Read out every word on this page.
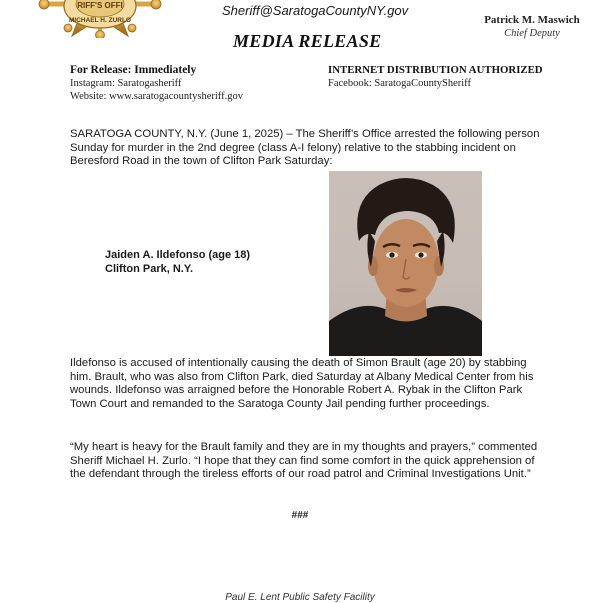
RIFF'S OFFI
MICHAEL H. ZURLO
Sheriff@SaratogaCountyNY.gov
MEDIA RELEASE
Patrick M. Maswich
Chief Deputy
For Release: Immediately
Instagram: Saratogasheriff
Website: www.saratogacountysheriff.gov
INTERNET DISTRIBUTION AUTHORIZED
Facebook: SaratogaCountySheriff
SARATOGA COUNTY, N.Y. (June 1, 2025) – The Sheriff’s Office arrested the following person Sunday for murder in the 2nd degree (class A-I felony) relative to the stabbing incident on Beresford Road in the town of Clifton Park Saturday:
Jaiden A. Ildefonso (age 18)
Clifton Park, N.Y.
Ildefonso is accused of intentionally causing the death of Simon Brault (age 20) by stabbing him. Brault, who was also from Clifton Park, died Saturday at Albany Medical Center from his wounds. Ildefonso was arraigned before the Honorable Robert A. Rybak in the Clifton Park Town Court and remanded to the Saratoga County Jail pending further proceedings.
“My heart is heavy for the Brault family and they are in my thoughts and prayers,” commented Sheriff Michael H. Zurlo. “I hope that they can find some comfort in the quick apprehension of the defendant through the tireless efforts of our road patrol and Criminal Investigations Unit.”
###
Paul E. Lent Public Safety Facility
